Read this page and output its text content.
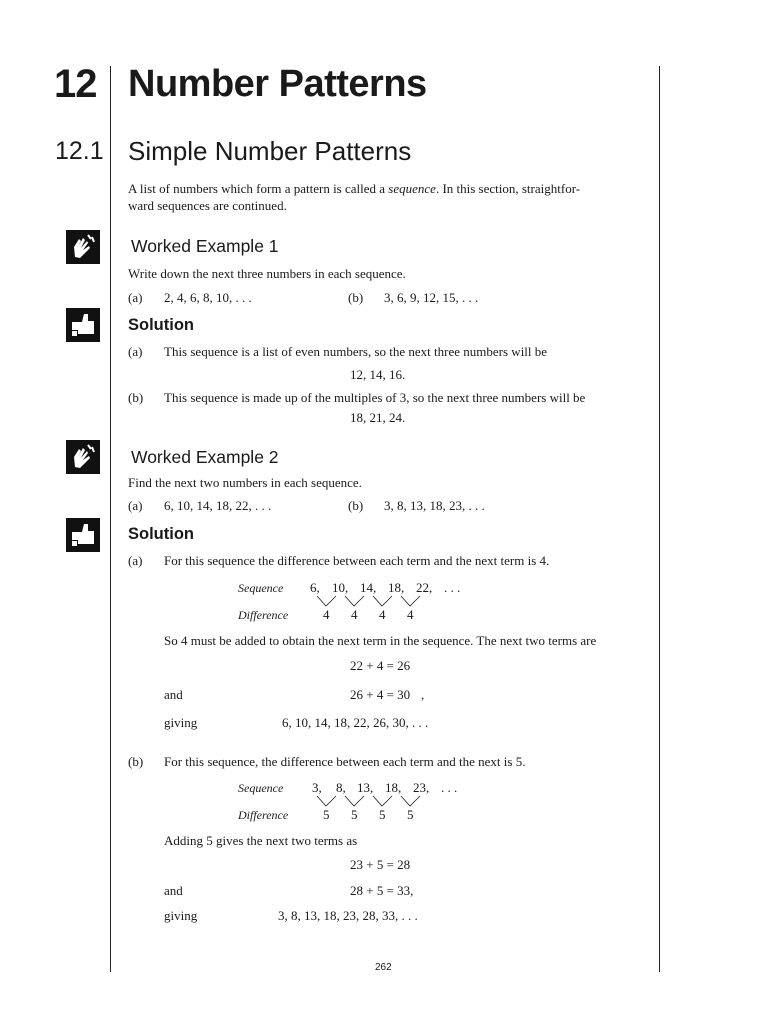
12 Number Patterns
12.1 Simple Number Patterns
A list of numbers which form a pattern is called a sequence. In this section, straightfor-
ward sequences are continued.
Worked Example 1
Write down the next three numbers in each sequence.
(a) 2, 4, 6, 8, 10, . . .	(b) 3, 6, 9, 12, 15, . . .
Solution
(a) This sequence is a list of even numbers, so the next three numbers will be
12, 14, 16.
(b) This sequence is made up of the multiples of 3, so the next three numbers will be
18, 21, 24.
Worked Example 2
Find the next two numbers in each sequence.
(a) 6, 10, 14, 18, 22, . . .	(b) 3, 8, 13, 18, 23, . . .
Solution
(a) For this sequence the difference between each term and the next term is 4.
Sequence 6, 10, 14, 18, 22, . . .
Difference	4 4 4 4
So 4 must be added to obtain the next term in the sequence. The next two terms are
22 + 4 = 26
and	26 + 4 = 30 ,
giving	6, 10, 14, 18, 22, 26, 30, . . .
(b) For this sequence, the difference between each term and the next is 5.
Sequence 3, 8, 13, 18, 23, . . .
Difference	5 5 5 5
Adding 5 gives the next two terms as
23 + 5 = 28
and	28 + 5 = 33,
giving	3, 8, 13, 18, 23, 28, 33, . . .
262
